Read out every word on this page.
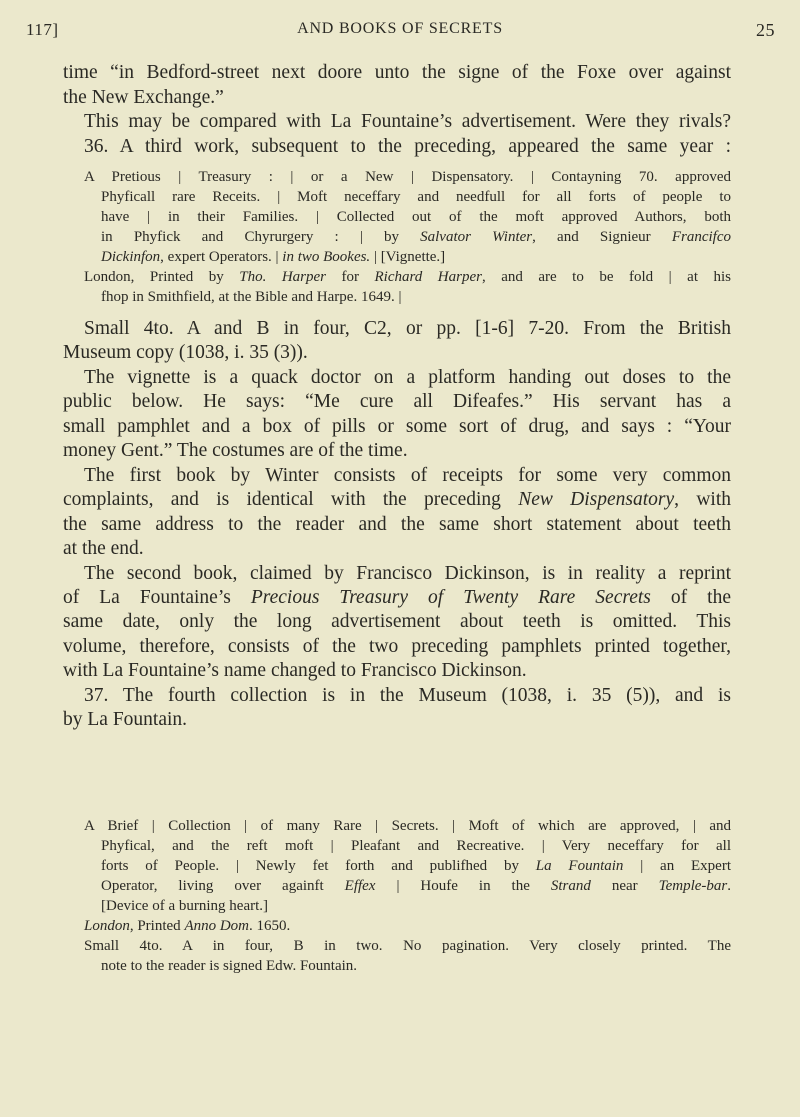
117]	AND BOOKS OF SECRETS	25
time “in Bedford-street next doore unto the signe of the Foxe over against
the New Exchange.”
This may be compared with La Fountaine’s advertisement. Were they rivals?
36. A third work, subsequent to the preceding, appeared the same year :
A Pretious | Treasury : | or a New | Dispensatory. | Contayning 70. approved
Phyficall rare Receits. | Moft neceffary and needfull for all forts of people to
have | in their Families. | Collected out of the moft approved Authors, both
in Phyfick and Chyrurgery : | by Salvator Winter, and Signieur Francifco
Dickinfon, expert Operators. | in two Bookes. | [Vignette.]
London, Printed by Tho. Harper for Richard Harper, and are to be fold | at his
fhop in Smithfield, at the Bible and Harpe. 1649. |
Small 4to. A and B in four, C2, or pp. [1-6] 7-20. From the British
Museum copy (1038, i. 35 (3)).
The vignette is a quack doctor on a platform handing out doses to the
public below. He says: “Me cure all Difeafes.” His servant has a
small pamphlet and a box of pills or some sort of drug, and says : “Your
money Gent.” The costumes are of the time.
The first book by Winter consists of receipts for some very common
complaints, and is identical with the preceding New Dispensatory, with
the same address to the reader and the same short statement about teeth
at the end.
The second book, claimed by Francisco Dickinson, is in reality a reprint
of La Fountaine’s Precious Treasury of Twenty Rare Secrets of the
same date, only the long advertisement about teeth is omitted. This
volume, therefore, consists of the two preceding pamphlets printed together,
with La Fountaine’s name changed to Francisco Dickinson.
37. The fourth collection is in the Museum (1038, i. 35 (5)), and is
by La Fountain.
A Brief | Collection | of many Rare | Secrets. | Moft of which are approved, | and
Phyfical, and the reft moft | Pleafant and Recreative. | Very neceffary for all
forts of People. | Newly fet forth and publifhed by La Fountain | an Expert
Operator, living over againft Effex | Houfe in the Strand near Temple-bar.
[Device of a burning heart.]
London, Printed Anno Dom. 1650.
Small 4to. A in four, B in two. No pagination. Very closely printed. The
note to the reader is signed Edw. Fountain.
